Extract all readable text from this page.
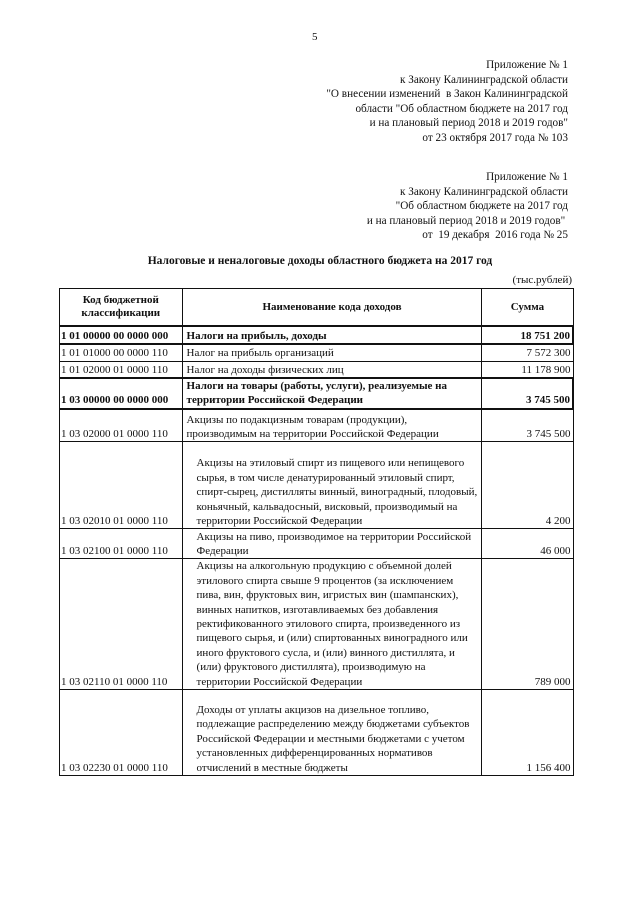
5
Приложение № 1
к Закону Калининградской области
"О внесении изменений  в Закон Калининградской
области "Об областном бюджете на 2017 год
и на плановый период 2018 и 2019 годов"
от 23 октября 2017 года № 103
Приложение № 1
к Закону Калининградской области
"Об областном бюджете на 2017 год
и на плановый период 2018 и 2019 годов"
от  19 декабря  2016 года № 25
Налоговые и неналоговые доходы областного бюджета на 2017 год
(тыс.рублей)
Код бюджетной классификации	Наименование кода доходов	Сумма
1 01 00000 00 0000 000	Налоги на прибыль, доходы	18 751 200
1 01 01000 00 0000 110	Налог на прибыль организаций	7 572 300
1 01 02000 01 0000 110	Налог на доходы физических лиц	11 178 900
1 03 00000 00 0000 000	Налоги на товары (работы, услуги), реализуемые на территории Российской Федерации	3 745 500
1 03 02000 01 0000 110	Акцизы по подакцизным товарам (продукции), производимым на территории Российской Федерации	3 745 500
1 03 02010 01 0000 110	Акцизы на этиловый спирт из пищевого или непищевого сырья, в том числе денатурированный этиловый спирт, спирт-сырец, дистилляты винный, виноградный, плодовый, коньячный, кальвадосный, висковый, производимый на территории Российской Федерации	4 200
1 03 02100 01 0000 110	Акцизы на пиво, производимое на территории Российской Федерации	46 000
1 03 02110 01 0000 110	Акцизы на алкогольную продукцию с объемной долей этилового спирта свыше 9 процентов (за исключением пива, вин, фруктовых вин, игристых вин (шампанских), винных напитков, изготавливаемых без добавления ректификованного этилового спирта, произведенного из пищевого сырья, и (или) спиртованных виноградного или иного фруктового сусла, и (или) винного дистиллята, и (или) фруктового дистиллята), производимую на территории Российской Федерации	789 000
1 03 02230 01 0000 110	Доходы от уплаты акцизов на дизельное топливо, подлежащие распределению между бюджетами субъектов Российской Федерации и местными бюджетами с учетом установленных дифференцированных нормативов отчислений в местные бюджеты	1 156 400
